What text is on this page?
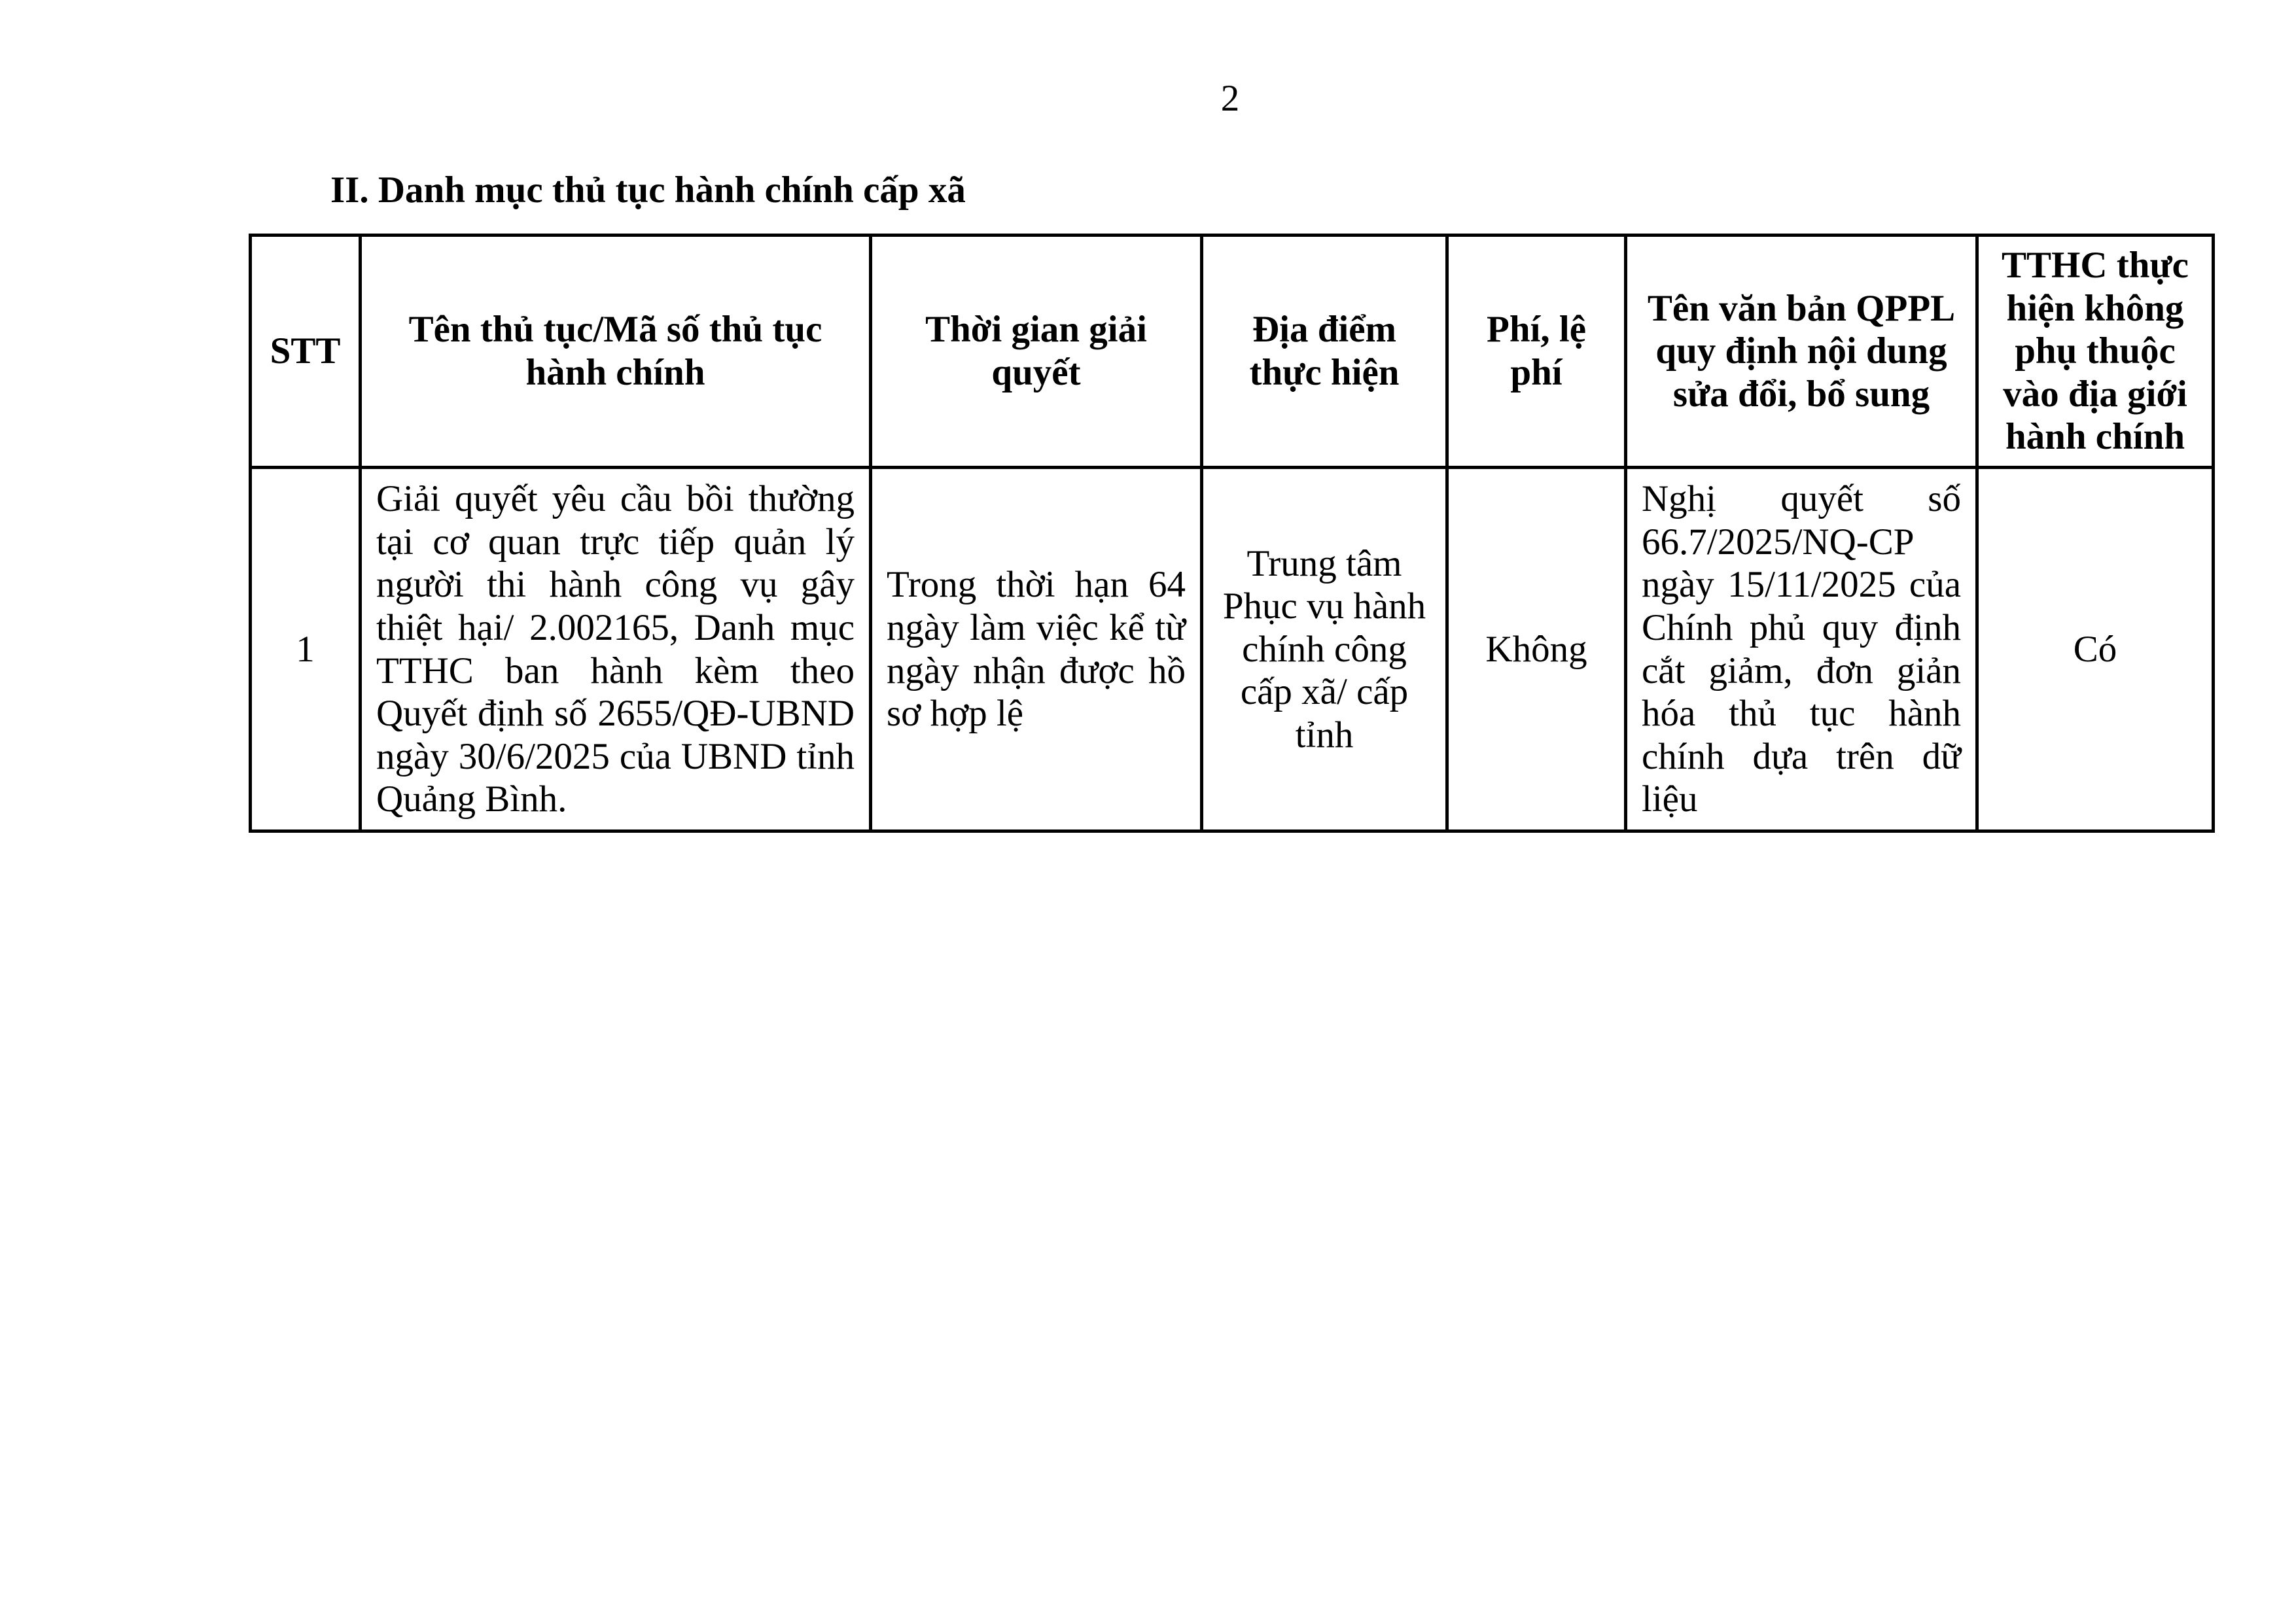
2
II. Danh mục thủ tục hành chính cấp xã
STT	Tên thủ tục/Mã số thủ tục hành chính	Thời gian giải quyết	Địa điểm thực hiện	Phí, lệ phí	Tên văn bản QPPL quy định nội dung sửa đổi, bổ sung	TTHC thực hiện không phụ thuộc vào địa giới hành chính
1	Giải quyết yêu cầu bồi thường tại cơ quan trực tiếp quản lý người thi hành công vụ gây thiệt hại/ 2.002165, Danh mục TTHC ban hành kèm theo Quyết định số 2655/QĐ-UBND ngày 30/6/2025 của UBND tỉnh Quảng Bình.	Trong thời hạn 64 ngày làm việc kể từ ngày nhận được hồ sơ hợp lệ	Trung tâm Phục vụ hành chính công cấp xã/ cấp tỉnh	Không	Nghị quyết số 66.7/2025/NQ-CP ngày 15/11/2025 của Chính phủ quy định cắt giảm, đơn giản hóa thủ tục hành chính dựa trên dữ liệu	Có
